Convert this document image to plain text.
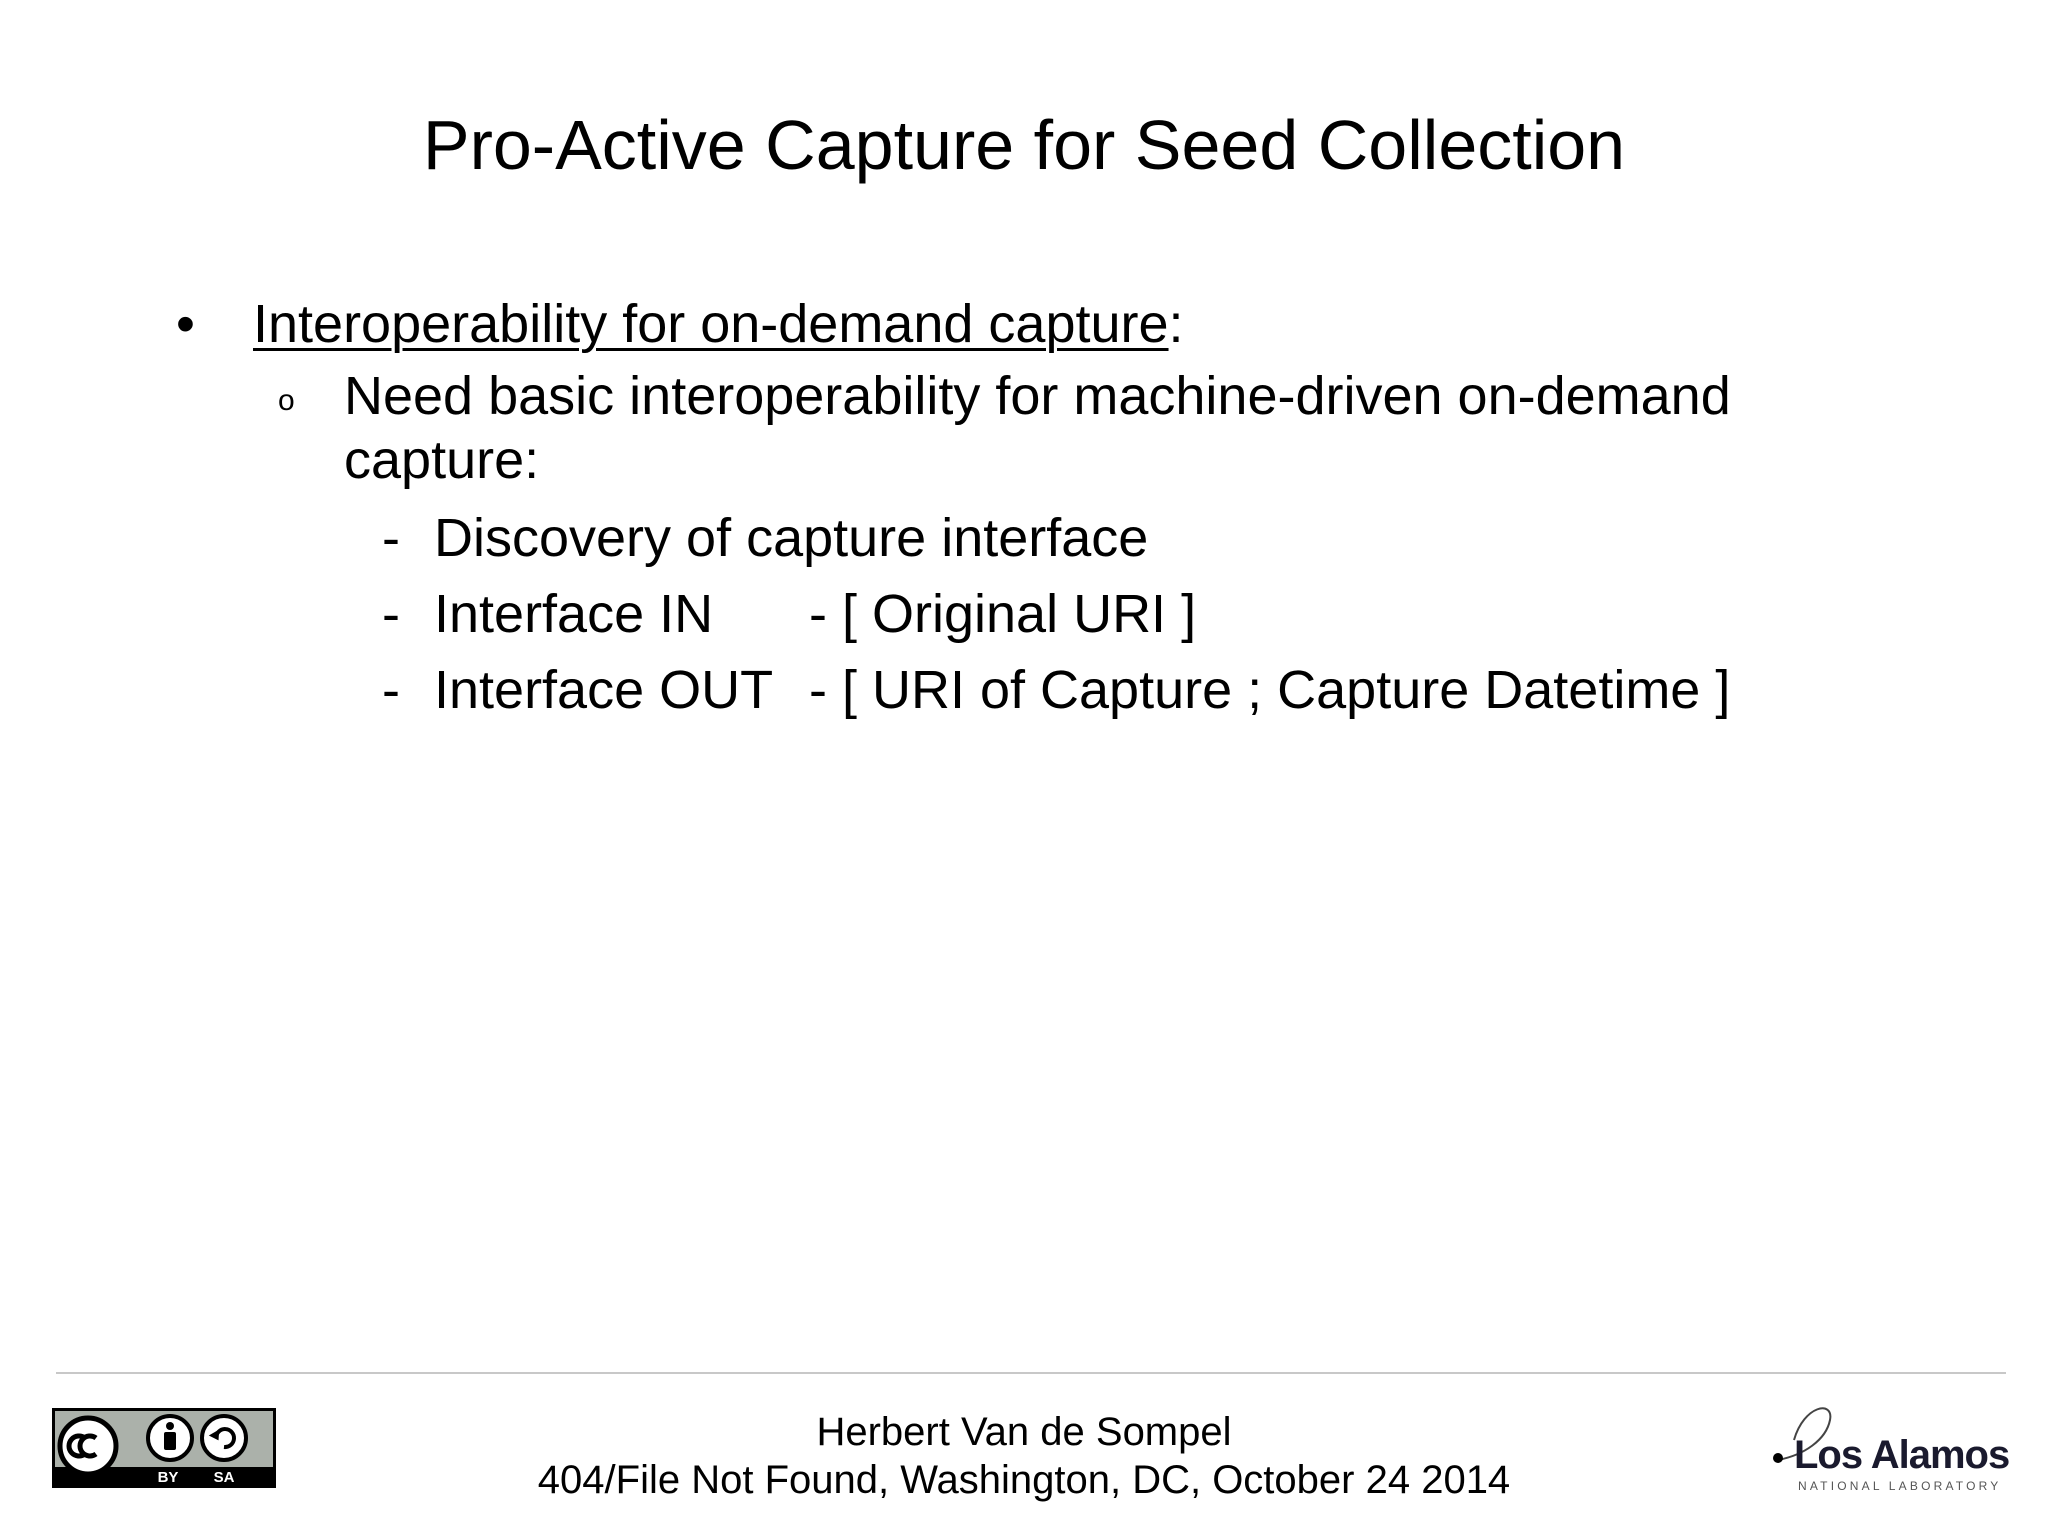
Pro-Active Capture for Seed Collection
• Interoperability for on-demand capture:
o Need basic interoperability for machine-driven on-demand capture:
- Discovery of capture interface
- Interface IN - [ Original URI ]
- Interface OUT - [ URI of Capture ; Capture Datetime ]
BY SA
Herbert Van de Sompel
404/File Not Found, Washington, DC, October 24 2014
Los Alamos
NATIONAL LABORATORY
